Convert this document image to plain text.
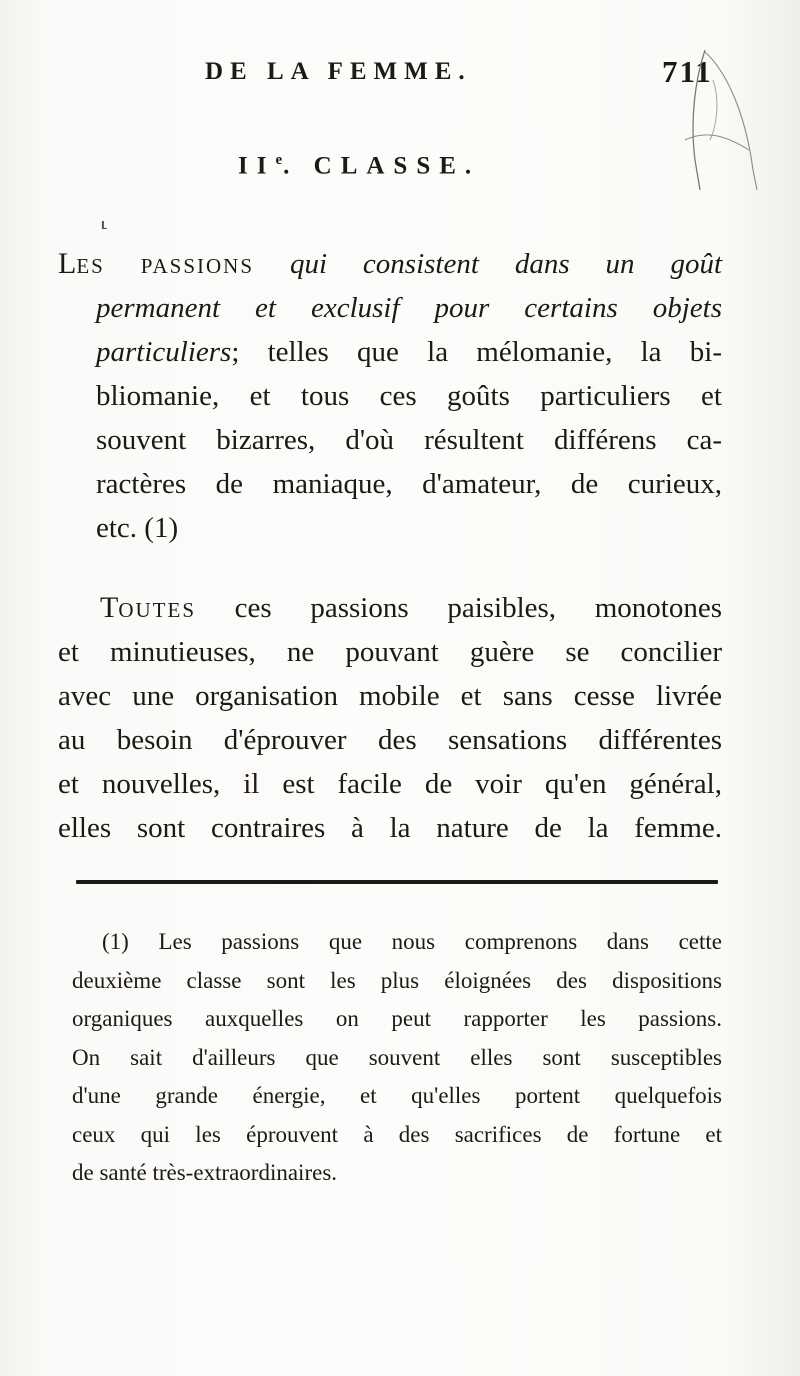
DE LA FEMME.	711
IIe. CLASSE.
⸤
LES PASSIONS qui consistent dans un goût
permanent et exclusif pour certains objets
particuliers; telles que la mélomanie, la bi-
bliomanie, et tous ces goûts particuliers et
souvent bizarres, d'où résultent différens ca-
ractères de maniaque, d'amateur, de curieux,
etc. (1)
TOUTES ces passions paisibles, monotones
et minutieuses, ne pouvant guère se concilier
avec une organisation mobile et sans cesse livrée
au besoin d'éprouver des sensations différentes
et nouvelles, il est facile de voir qu'en général,
elles sont contraires à la nature de la femme.
(1) Les passions que nous comprenons dans cette
deuxième classe sont les plus éloignées des dispositions
organiques auxquelles on peut rapporter les passions.
On sait d'ailleurs que souvent elles sont susceptibles
d'une grande énergie, et qu'elles portent quelquefois
ceux qui les éprouvent à des sacrifices de fortune et
de santé très-extraordinaires.
